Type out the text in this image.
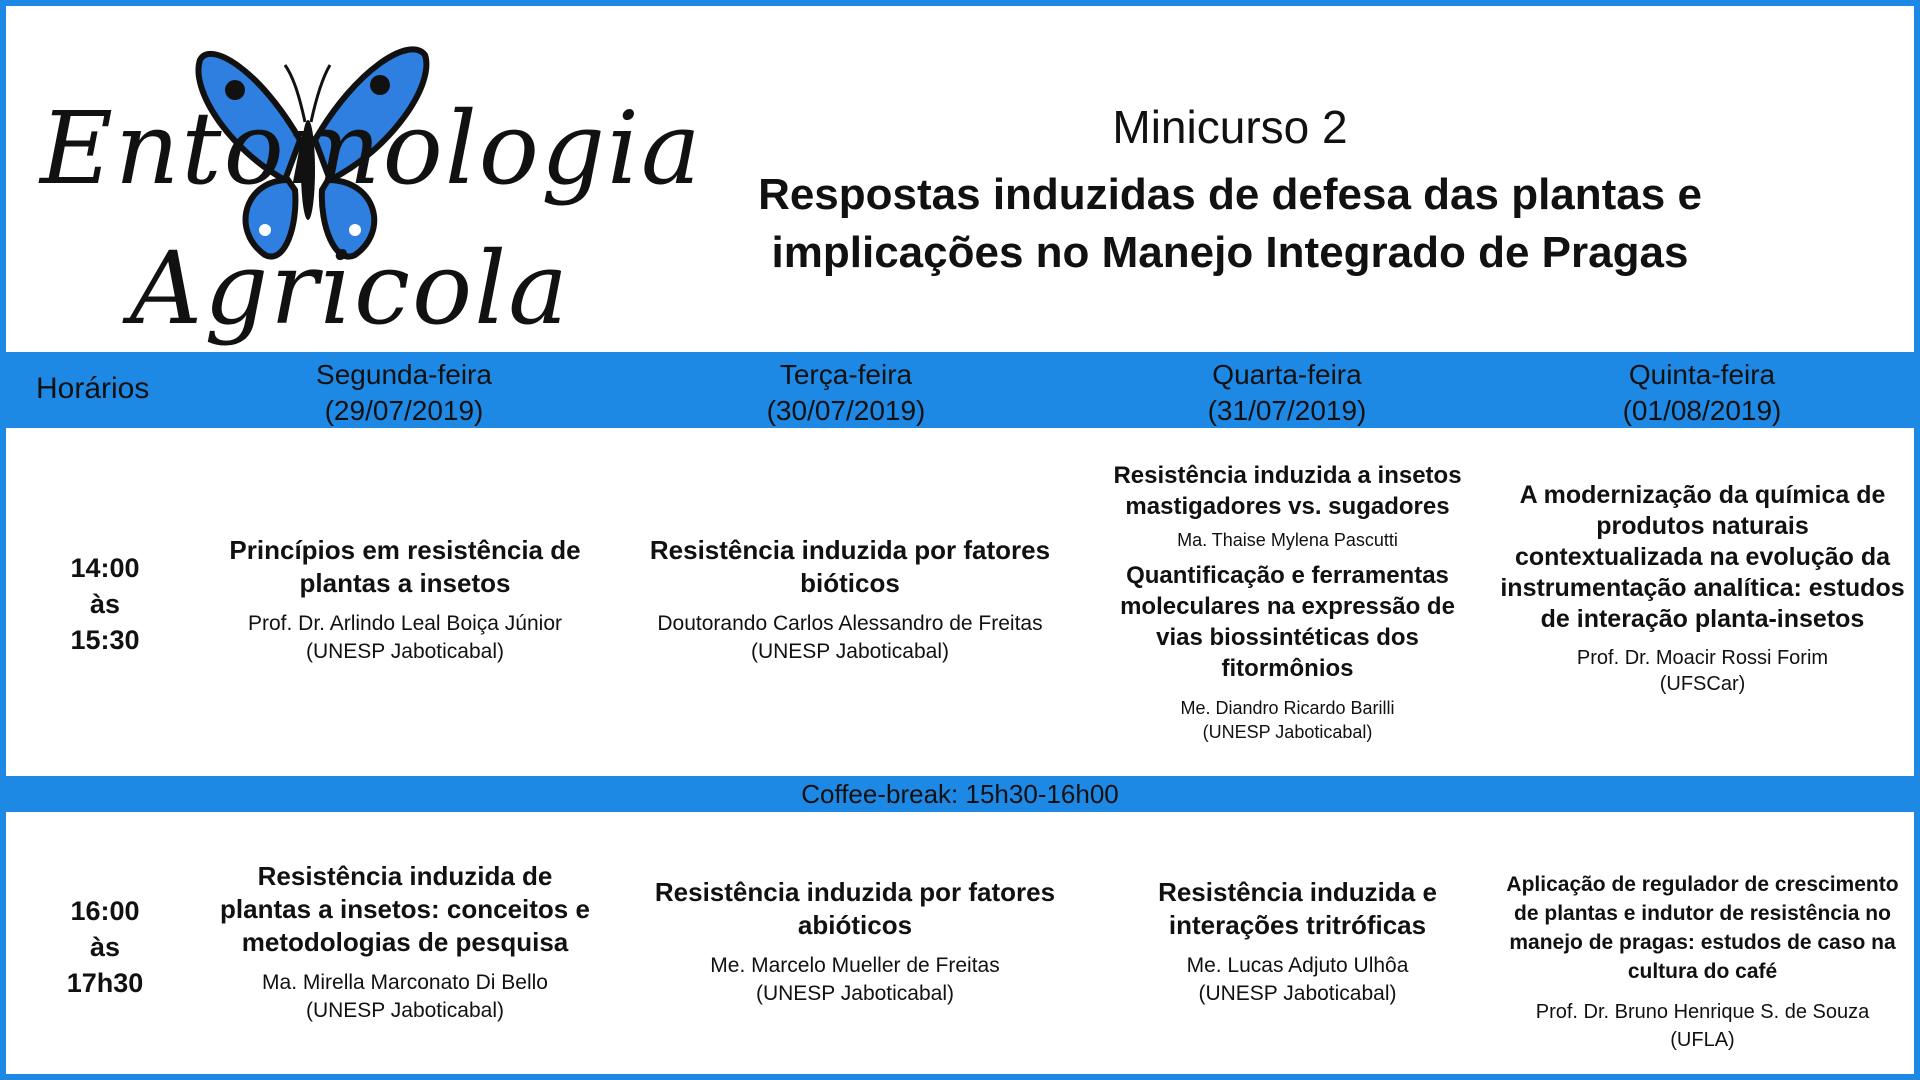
Entomologia
Agricola
Minicurso 2
Respostas induzidas de defesa das plantas e
implicações no Manejo Integrado de Pragas
Horários	Segunda-feira
(29/07/2019)
Terça-feira
(30/07/2019)
Quarta-feira
(31/07/2019)
Quinta-feira
(01/08/2019)
14:00
às
15:30
Princípios em resistência de plantas a insetos
Prof. Dr. Arlindo Leal Boiça Júnior
(UNESP Jaboticabal)
Resistência induzida por fatores bióticos
Doutorando Carlos Alessandro de Freitas
(UNESP Jaboticabal)
Resistência induzida a insetos mastigadores vs. sugadores
Ma. Thaise Mylena Pascutti
Quantificação e ferramentas moleculares na expressão de vias biossintéticas dos fitormônios
Me. Diandro Ricardo Barilli
(UNESP Jaboticabal)
A modernização da química de produtos naturais contextualizada na evolução da instrumentação analítica: estudos de interação planta-insetos
Prof. Dr. Moacir Rossi Forim
(UFSCar)
Coffee-break: 15h30-16h00
16:00
às
17h30
Resistência induzida de plantas a insetos: conceitos e metodologias de pesquisa
Ma. Mirella Marconato Di Bello
(UNESP Jaboticabal)
Resistência induzida por fatores abióticos
Me. Marcelo Mueller de Freitas
(UNESP Jaboticabal)
Resistência induzida e interações tritróficas
Me. Lucas Adjuto Ulhôa
(UNESP Jaboticabal)
Aplicação de regulador de crescimento de plantas e indutor de resistência no manejo de pragas: estudos de caso na cultura do café
Prof. Dr. Bruno Henrique S. de Souza
(UFLA)
